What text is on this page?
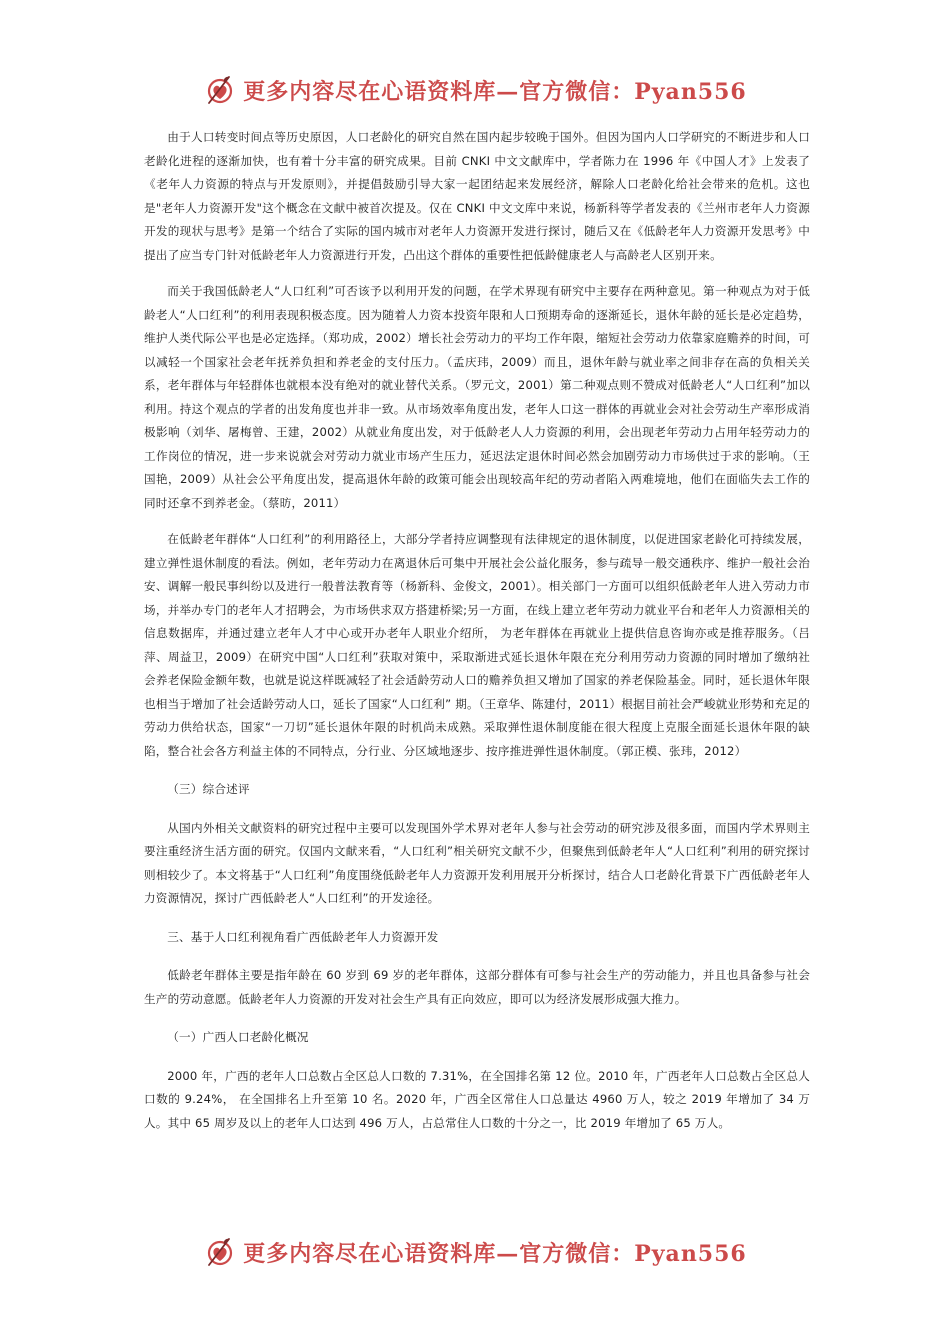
更多内容尽在心语资料库—官方微信：Pyan556

由于人口转变时间点等历史原因，人口老龄化的研究自然在国内起步较晚于国外。但因为国内人口学研究的不断进步和人口老龄化进程的逐渐加快，也有着十分丰富的研究成果。目前 CNKI 中文文献库中，学者陈力在 1996 年《中国人才》上发表了《老年人力资源的特点与开发原则》，并提倡鼓励引导大家一起团结起来发展经济，解除人口老龄化给社会带来的危机。这也是"老年人力资源开发"这个概念在文献中被首次提及。仅在 CNKI 中文文库中来说，杨新科等学者发表的《兰州市老年人力资源开发的现状与思考》是第一个结合了实际的国内城市对老年人力资源开发进行探讨，随后又在《低龄老年人力资源开发思考》中提出了应当专门针对低龄老年人力资源进行开发，凸出这个群体的重要性把低龄健康老人与高龄老人区别开来。

而关于我国低龄老人“人口红利”可否该予以利用开发的问题，在学术界现有研究中主要存在两种意见。第一种观点为对于低龄老人“人口红利”的利用表现积极态度。因为随着人力资本投资年限和人口预期寿命的逐渐延长，退休年龄的延长是必定趋势，维护人类代际公平也是必定选择。（郑功成，2002）增长社会劳动力的平均工作年限，缩短社会劳动力依靠家庭赡养的时间，可以减轻一个国家社会老年抚养负担和养老金的支付压力。（孟庆玮，2009）而且，退休年龄与就业率之间非存在高的负相关关系，老年群体与年轻群体也就根本没有绝对的就业替代关系。（罗元文，2001）第二种观点则不赞成对低龄老人“人口红利”加以利用。持这个观点的学者的出发角度也并非一致。从市场效率角度出发，老年人口这一群体的再就业会对社会劳动生产率形成消极影响（刘华、屠梅曾、王建，2002）从就业角度出发，对于低龄老人人力资源的利用，会出现老年劳动力占用年轻劳动力的工作岗位的情况，进一步来说就会对劳动力就业市场产生压力，延迟法定退休时间必然会加剧劳动力市场供过于求的影响。（王国艳，2009）从社会公平角度出发，提高退休年龄的政策可能会出现较高年纪的劳动者陷入两难境地，他们在面临失去工作的同时还拿不到养老金。（蔡昉，2011）

在低龄老年群体“人口红利”的利用路径上，大部分学者持应调整现有法律规定的退休制度，以促进国家老龄化可持续发展，建立弹性退休制度的看法。例如，老年劳动力在离退休后可集中开展社会公益化服务，参与疏导一般交通秩序、维护一般社会治安、调解一般民事纠纷以及进行一般普法教育等（杨新科、金俊文，2001）。相关部门一方面可以组织低龄老年人进入劳动力市场，并举办专门的老年人才招聘会，为市场供求双方搭建桥梁;另一方面，在线上建立老年劳动力就业平台和老年人力资源相关的信息数据库，并通过建立老年人才中心或开办老年人职业介绍所， 为老年群体在再就业上提供信息咨询亦或是推荐服务。（吕萍、周益卫，2009）在研究中国“人口红利”获取对策中，采取渐进式延长退休年限在充分利用劳动力资源的同时增加了缴纳社会养老保险金额年数，也就是说这样既减轻了社会适龄劳动人口的赡养负担又增加了国家的养老保险基金。同时，延长退休年限也相当于增加了社会适龄劳动人口，延长了国家“人口红利” 期。（王章华、陈建付，2011）根据目前社会严峻就业形势和充足的劳动力供给状态，国家“一刀切”延长退休年限的时机尚未成熟。采取弹性退休制度能在很大程度上克服全面延长退休年限的缺陷，整合社会各方利益主体的不同特点，分行业、分区域地逐步、按序推进弹性退休制度。（郭正模、张玮，2012）

（三）综合述评

从国内外相关文献资料的研究过程中主要可以发现国外学术界对老年人参与社会劳动的研究涉及很多面，而国内学术界则主要注重经济生活方面的研究。仅国内文献来看，“人口红利”相关研究文献不少，但聚焦到低龄老年人“人口红利”利用的研究探讨则相较少了。本文将基于“人口红利”角度围绕低龄老年人力资源开发利用展开分析探讨，结合人口老龄化背景下广西低龄老年人力资源情况，探讨广西低龄老人“人口红利”的开发途径。

三、基于人口红利视角看广西低龄老年人力资源开发

低龄老年群体主要是指年龄在 60 岁到 69 岁的老年群体，这部分群体有可参与社会生产的劳动能力，并且也具备参与社会生产的劳动意愿。低龄老年人力资源的开发对社会生产具有正向效应，即可以为经济发展形成强大推力。

（一）广西人口老龄化概况

2000 年，广西的老年人口总数占全区总人口数的 7.31%，在全国排名第 12 位。2010 年，广西老年人口总数占全区总人口数的 9.24%， 在全国排名上升至第 10 名。2020 年，广西全区常住人口总量达 4960 万人，较之 2019 年增加了 34 万人。其中 65 周岁及以上的老年人口达到 496 万人，占总常住人口数的十分之一，比 2019 年增加了 65 万人。

更多内容尽在心语资料库—官方微信：Pyan556
